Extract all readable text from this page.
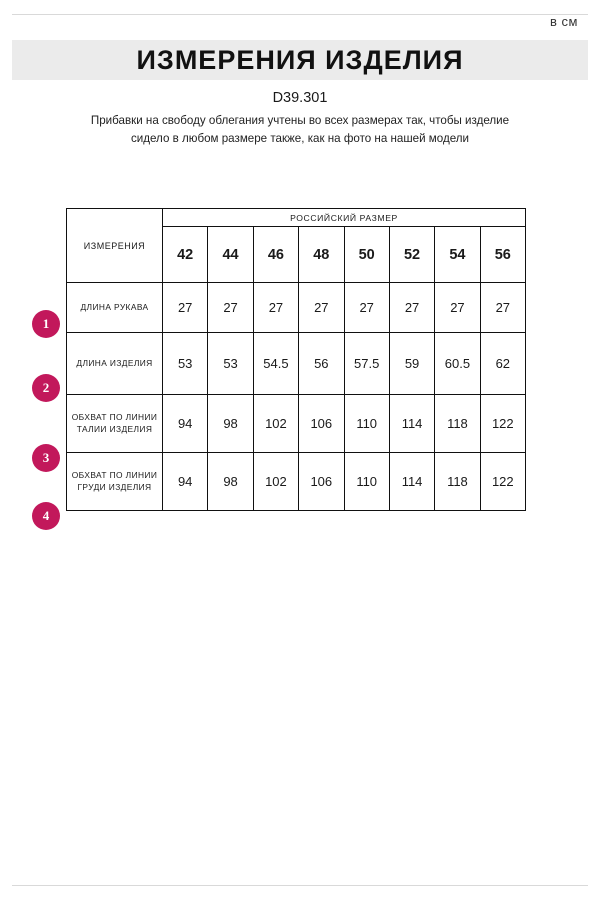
ИЗМЕРЕНИЯ ИЗДЕЛИЯ
в см
D39.301
Прибавки на свободу облегания учтены во всех размерах так, чтобы изделие сидело в любом размере также, как на фото на нашей модели
1
2
3
4
ИЗМЕРЕНИЯ	РОССИЙСКИЙ РАЗМЕР							
	42	44	46	48	50	52	54	56
ДЛИНА РУКАВА	27	27	27	27	27	27	27	27
ДЛИНА ИЗДЕЛИЯ	53	53	54.5	56	57.5	59	60.5	62
ОБХВАТ ПО ЛИНИИ ТАЛИИ ИЗДЕЛИЯ	94	98	102	106	110	114	118	122
ОБХВАТ ПО ЛИНИИ ГРУДИ ИЗДЕЛИЯ	94	98	102	106	110	114	118	122
